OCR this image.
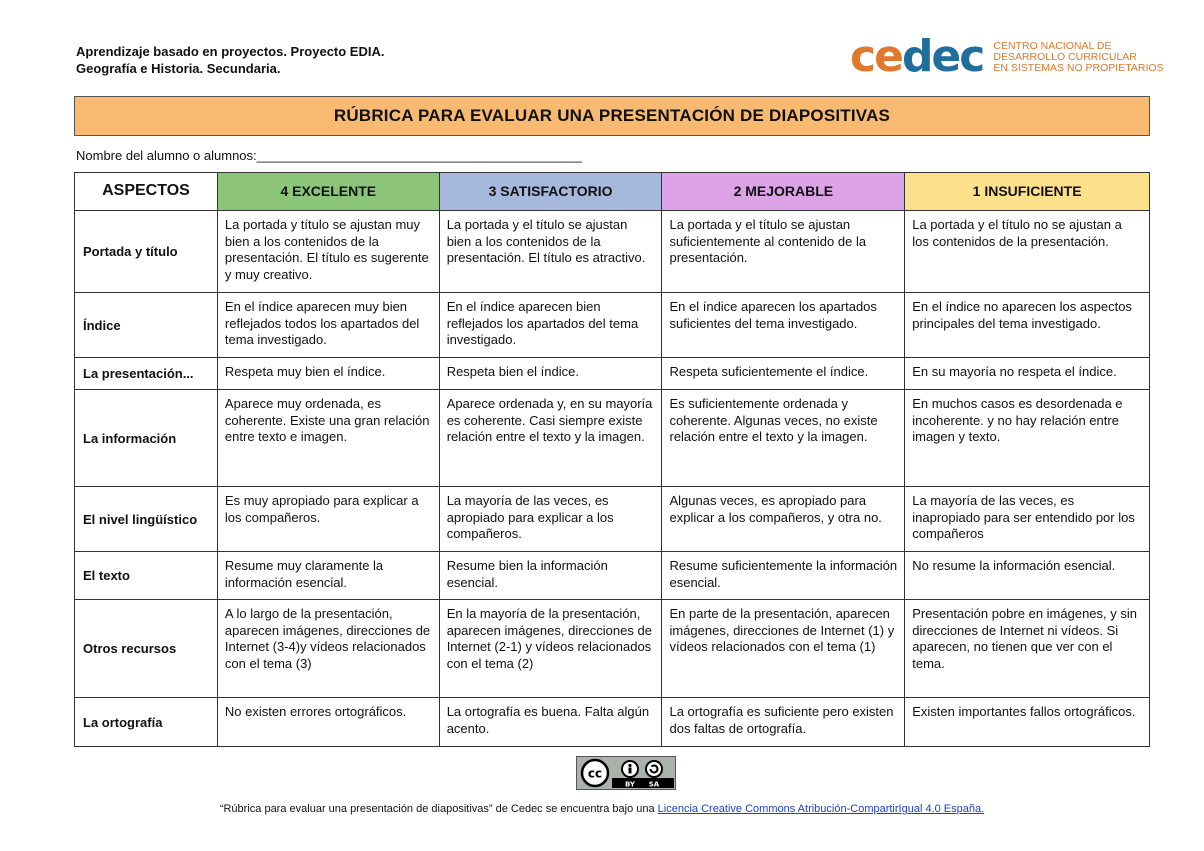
Aprendizaje basado en proyectos. Proyecto EDIA.
Geografía e Historia. Secundaria.	cedec CENTRO NACIONAL DE
DESARROLLO CURRICULAR
EN SISTEMAS NO PROPIETARIOS
RÚBRICA PARA EVALUAR UNA PRESENTACIÓN DE DIAPOSITIVAS
Nombre del alumno o alumnos:_____________________________________________
ASPECTOS	4 EXCELENTE	3 SATISFACTORIO	2 MEJORABLE	1 INSUFICIENTE
Portada y título	La portada y título se ajustan muy bien a los contenidos de la presentación. El título es sugerente y muy creativo.	La portada y el título se ajustan bien a los contenidos de la presentación. El título es atractivo.	La portada y el título se ajustan suficientemente al contenido de la presentación.	La portada y el título no se ajustan a los contenidos de la presentación.
Índice	En el índice aparecen muy bien reflejados todos los apartados del tema investigado.	En el índice aparecen bien reflejados los apartados del tema investigado.	En el índice aparecen los apartados suficientes del tema investigado.	En el índice no aparecen los aspectos principales del tema investigado.
La presentación...	Respeta muy bien el índice.	Respeta bien el índice.	Respeta suficientemente el índice.	En su mayoría no respeta el índice.
La información	Aparece muy ordenada, es coherente. Existe una gran relación entre texto e imagen.	Aparece ordenada y, en su mayoría es coherente. Casi siempre existe relación entre el texto y la imagen.	Es suficientemente ordenada y coherente. Algunas veces, no existe relación entre el texto y la imagen.	En muchos casos es desordenada e incoherente. y no hay relación entre imagen y texto.
El nivel lingüístico	Es muy apropiado para explicar a los compañeros.	La mayoría de las veces, es apropiado para explicar a los compañeros.	Algunas veces, es apropiado para explicar a los compañeros, y otra no.	La mayoría de las veces, es inapropiado para ser entendido por los compañeros
El texto	Resume muy claramente la información esencial.	Resume bien la información esencial.	Resume suficientemente la información esencial.	No resume la información esencial.
Otros recursos	A lo largo de la presentación, aparecen imágenes, direcciones de Internet (3-4)y vídeos relacionados con el tema (3)	En la mayoría de la presentación, aparecen imágenes, direcciones de Internet (2-1) y vídeos relacionados con el tema (2)	En parte de la presentación, aparecen imágenes, direcciones de Internet (1) y vídeos relacionados con el tema (1)	Presentación pobre en imágenes, y sin direcciones de Internet ni vídeos. Si aparecen, no tienen que ver con el tema.
La ortografía	No existen errores ortográficos.	La ortografía es buena. Falta algún acento.	La ortografía es suficiente pero existen dos faltas de ortografía.	Existen importantes fallos ortográficos.
cc
BY SA
“Rúbrica para evaluar una presentación de diapositivas” de Cedec se encuentra bajo una Licencia Creative Commons Atribución-CompartirIgual 4.0 España.
